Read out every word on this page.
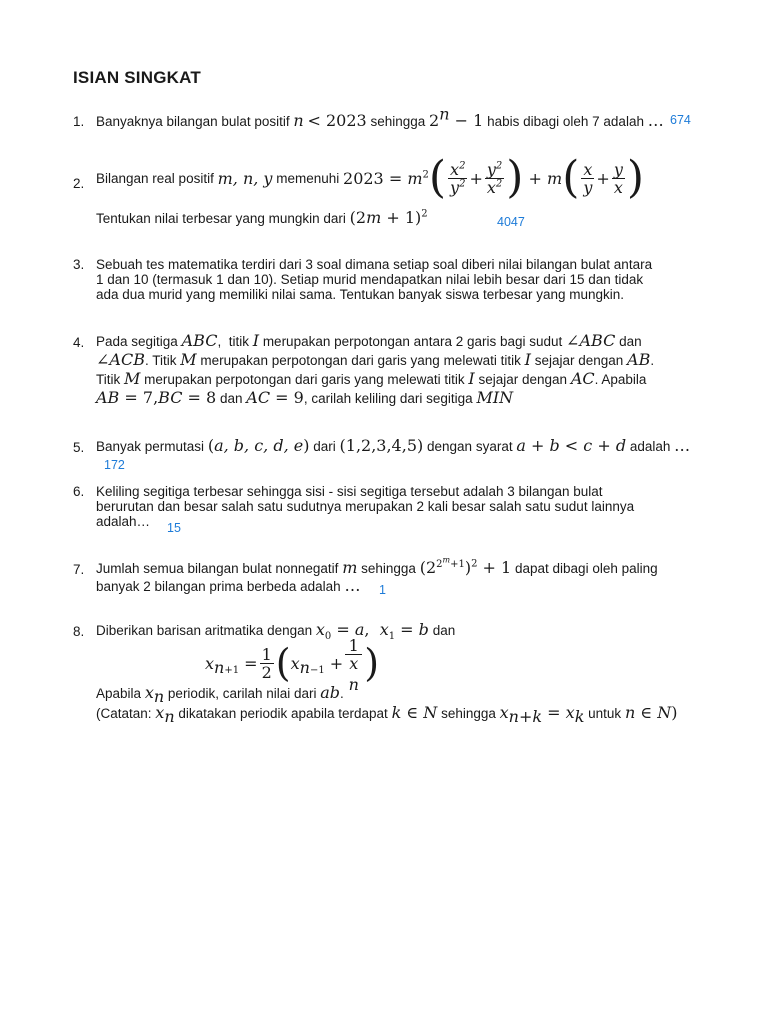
ISIAN SINGKAT
1. Banyaknya bilangan bulat positif n < 2023 sehingga $2^n - 1$ habis dibagi oleh 7 adalah … 674
2. Bilangan real positif
m, n, y
memenuhi
$2023 = m^2$ ( $\frac{x^2}{y^2} + \frac{y^2}{x^2}$ ) + m ( $\frac{x}{y} + \frac{y}{x}$ )
Tentukan nilai terbesar yang mungkin dari $(2m + 1)^2$
4047
3. Sebuah tes matematika terdiri dari 3 soal dimana setiap soal diberi nilai bilangan bulat antara
1 dan 10 (termasuk 1 dan 10). Setiap murid mendapatkan nilai lebih besar dari 15 dan tidak
ada dua murid yang memiliki nilai sama. Tentukan banyak siswa terbesar yang mungkin.
4. Pada segitiga ABC,  titik I merupakan perpotongan antara 2 garis bagi sudut ∠ABC dan
∠ACB. Titik M merupakan perpotongan dari garis yang melewati titik I sejajar dengan AB.
Titik M merupakan perpotongan dari garis yang melewati titik I sejajar dengan AC. Apabila
AB = 7,BC = 8 dan AC = 9, carilah keliling dari segitiga MIN
5. Banyak permutasi (a, b, c, d, e) dari (1,2,3,4,5) dengan syarat a + b < c + d adalah …
172
6. Keliling segitiga terbesar sehingga sisi - sisi segitiga tersebut adalah 3 bilangan bulat
berurutan dan besar salah satu sudutnya merupakan 2 kali besar salah satu sudut lainnya
adalah… 15
7. Jumlah semua bilangan bulat nonnegatif m sehingga $(2^{2^m+1})^2 + 1$ dapat dibagi oleh paling
banyak 2 bilangan prima berbeda adalah … 1
8. Diberikan barisan aritmatika dengan $x_0 = a$,  $x_1 = b$ dan
$x_{n+1} = \frac{1}{2}$ ( $x_{n-1} + 1$
x
$_n$ )
Apabila $x_n$ periodik, carilah nilai dari ab.
(Catatan: $x_n$ dikatakan periodik apabila terdapat k ∈ N sehingga $x_{n+k} = x_k$ untuk n ∈ N)
